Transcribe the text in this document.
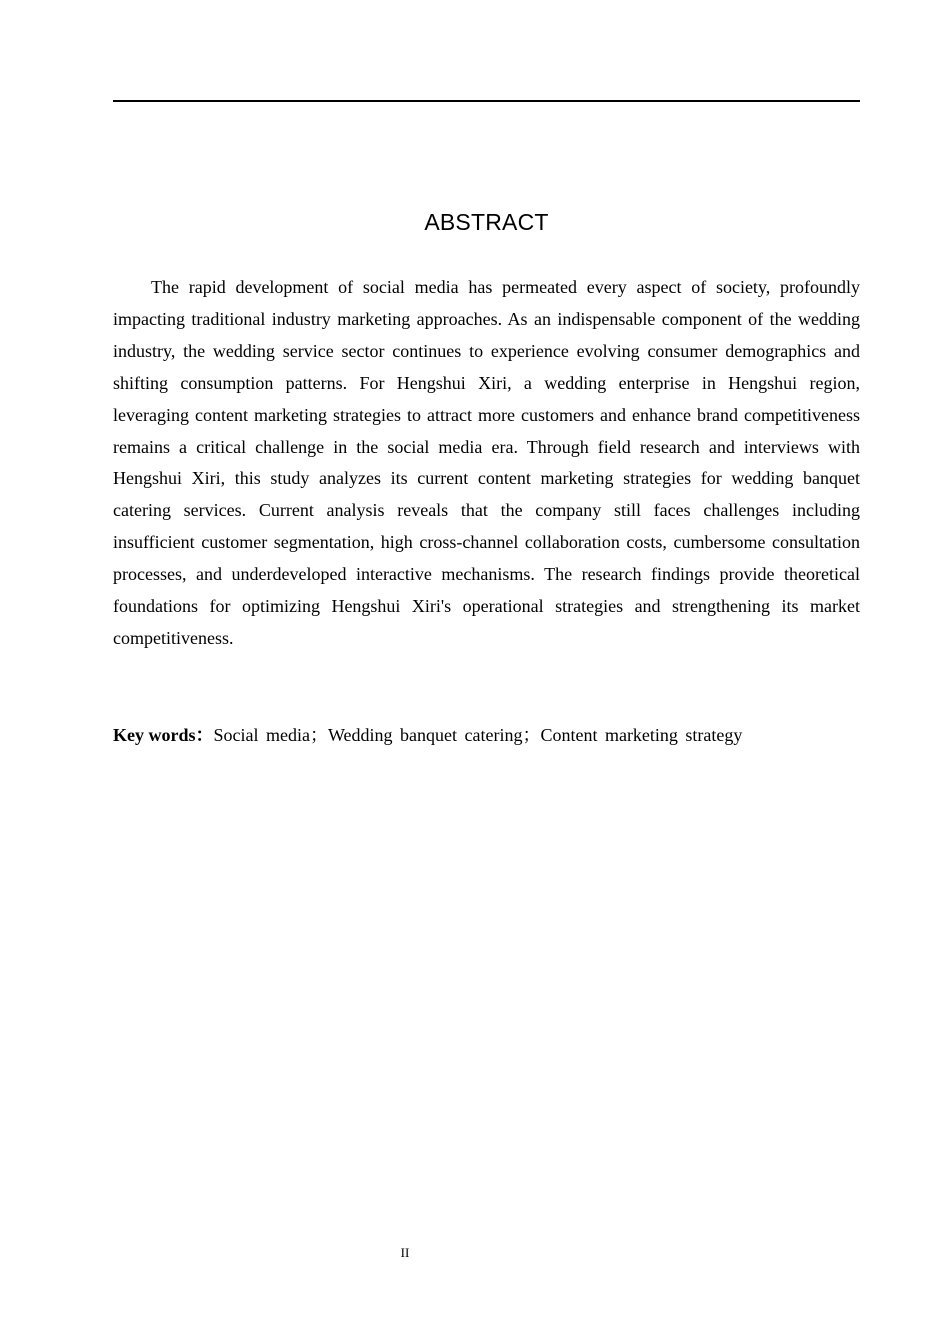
ABSTRACT

The rapid development of social media has permeated every aspect of society, profoundly impacting traditional industry marketing approaches. As an indispensable component of the wedding industry, the wedding service sector continues to experience evolving consumer demographics and shifting consumption patterns. For Hengshui Xiri, a wedding enterprise in Hengshui region, leveraging content marketing strategies to attract more customers and enhance brand competitiveness remains a critical challenge in the social media era. Through field research and interviews with Hengshui Xiri, this study analyzes its current content marketing strategies for wedding banquet catering services. Current analysis reveals that the company still faces challenges including insufficient customer segmentation, high cross-channel collaboration costs, cumbersome consultation processes, and underdeveloped interactive mechanisms. The research findings provide theoretical foundations for optimizing Hengshui Xiri's operational strategies and strengthening its market competitiveness.

Key words：Social media；Wedding banquet catering；Content marketing strategy

II
